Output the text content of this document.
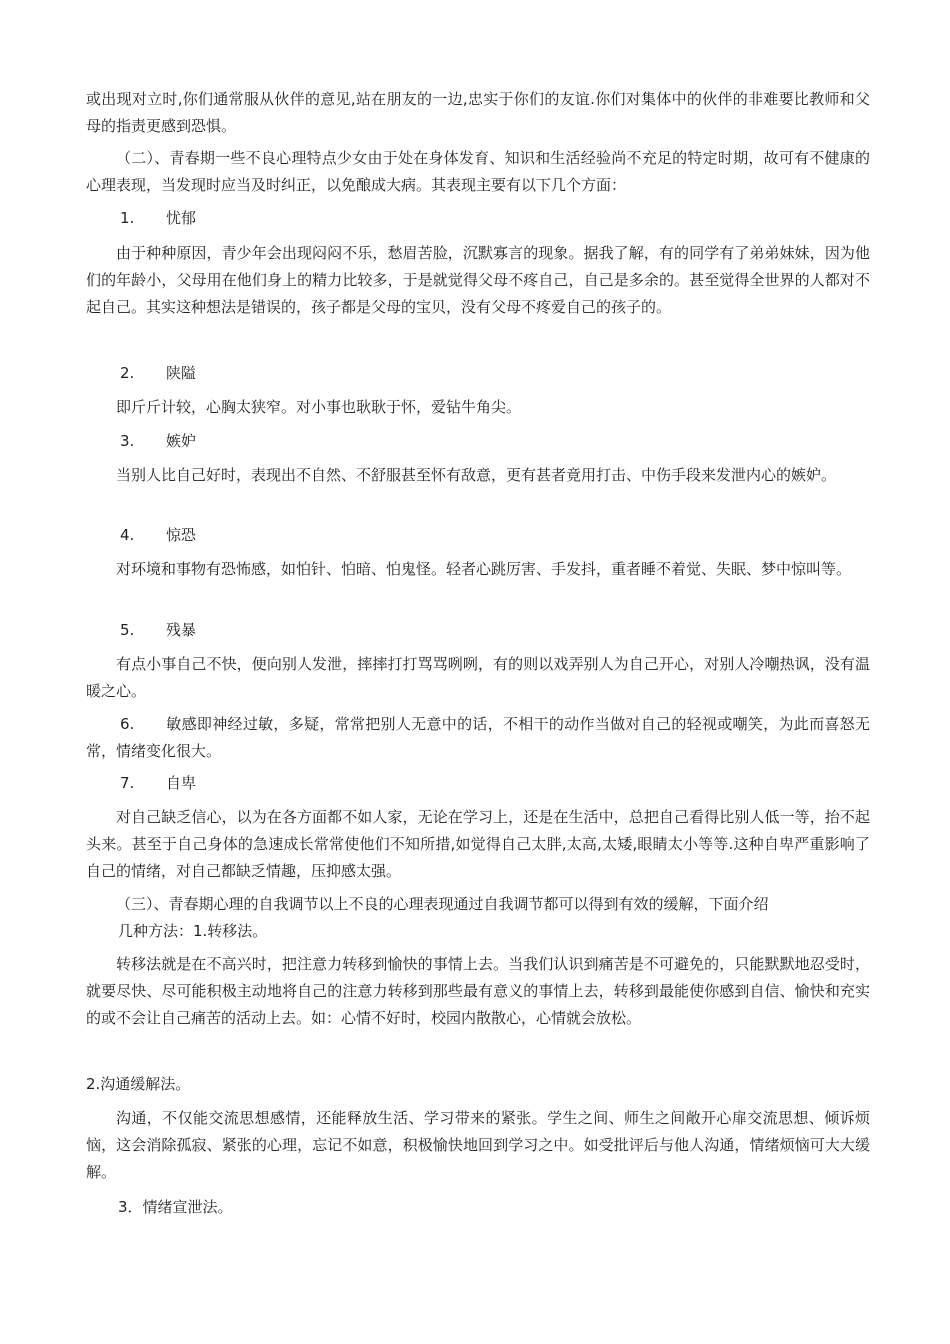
或出现对立时,你们通常服从伙伴的意见,站在朋友的一边,忠实于你们的友谊.你们对集体中的伙伴的非难要比教师和父母的指责更感到恐惧。

（二）、青春期一些不良心理特点少女由于处在身体发育、知识和生活经验尚不充足的特定时期，故可有不健康的心理表现，当发现时应当及时纠正，以免酿成大病。其表现主要有以下几个方面：

1. 忧郁

由于种种原因，青少年会出现闷闷不乐，愁眉苦脸，沉默寡言的现象。据我了解，有的同学有了弟弟妹妹，因为他们的年龄小，父母用在他们身上的精力比较多，于是就觉得父母不疼自己，自己是多余的。甚至觉得全世界的人都对不起自己。其实这种想法是错误的，孩子都是父母的宝贝，没有父母不疼爱自己的孩子的。

2. 陕隘

即斤斤计较，心胸太狭窄。对小事也耿耿于怀，爱钻牛角尖。

3. 嫉妒

当别人比自己好时，表现出不自然、不舒服甚至怀有敌意，更有甚者竟用打击、中伤手段来发泄内心的嫉妒。

4. 惊恐

对环境和事物有恐怖感，如怕针、怕暗、怕鬼怪。轻者心跳厉害、手发抖，重者睡不着觉、失眠、梦中惊叫等。

5. 残暴

有点小事自己不快，便向别人发泄，摔摔打打骂骂咧咧，有的则以戏弄别人为自己开心，对别人冷嘲热讽，没有温暖之心。

6. 敏感即神经过敏，多疑，常常把别人无意中的话，不相干的动作当做对自己的轻视或嘲笑，为此而喜怒无常，情绪变化很大。

7. 自卑

对自己缺乏信心，以为在各方面都不如人家，无论在学习上，还是在生活中，总把自己看得比别人低一等，抬不起头来。甚至于自己身体的急速成长常常使他们不知所措,如觉得自己太胖,太高,太矮,眼睛太小等等.这种自卑严重影响了自己的情绪，对自己都缺乏情趣，压抑感太强。

（三）、青春期心理的自我调节以上不良的心理表现通过自我调节都可以得到有效的缓解，下面介绍

几种方法：1.转移法。

转移法就是在不高兴时，把注意力转移到愉快的事情上去。当我们认识到痛苦是不可避免的，只能默默地忍受时，就要尽快、尽可能积极主动地将自己的注意力转移到那些最有意义的事情上去，转移到最能使你感到自信、愉快和充实的或不会让自己痛苦的活动上去。如：心情不好时，校园内散散心，心情就会放松。

2.沟通缓解法。

沟通，不仅能交流思想感情，还能释放生活、学习带来的紧张。学生之间、师生之间敞开心扉交流思想、倾诉烦恼，这会消除孤寂、紧张的心理，忘记不如意，积极愉快地回到学习之中。如受批评后与他人沟通，情绪烦恼可大大缓解。

3．情绪宣泄法。
